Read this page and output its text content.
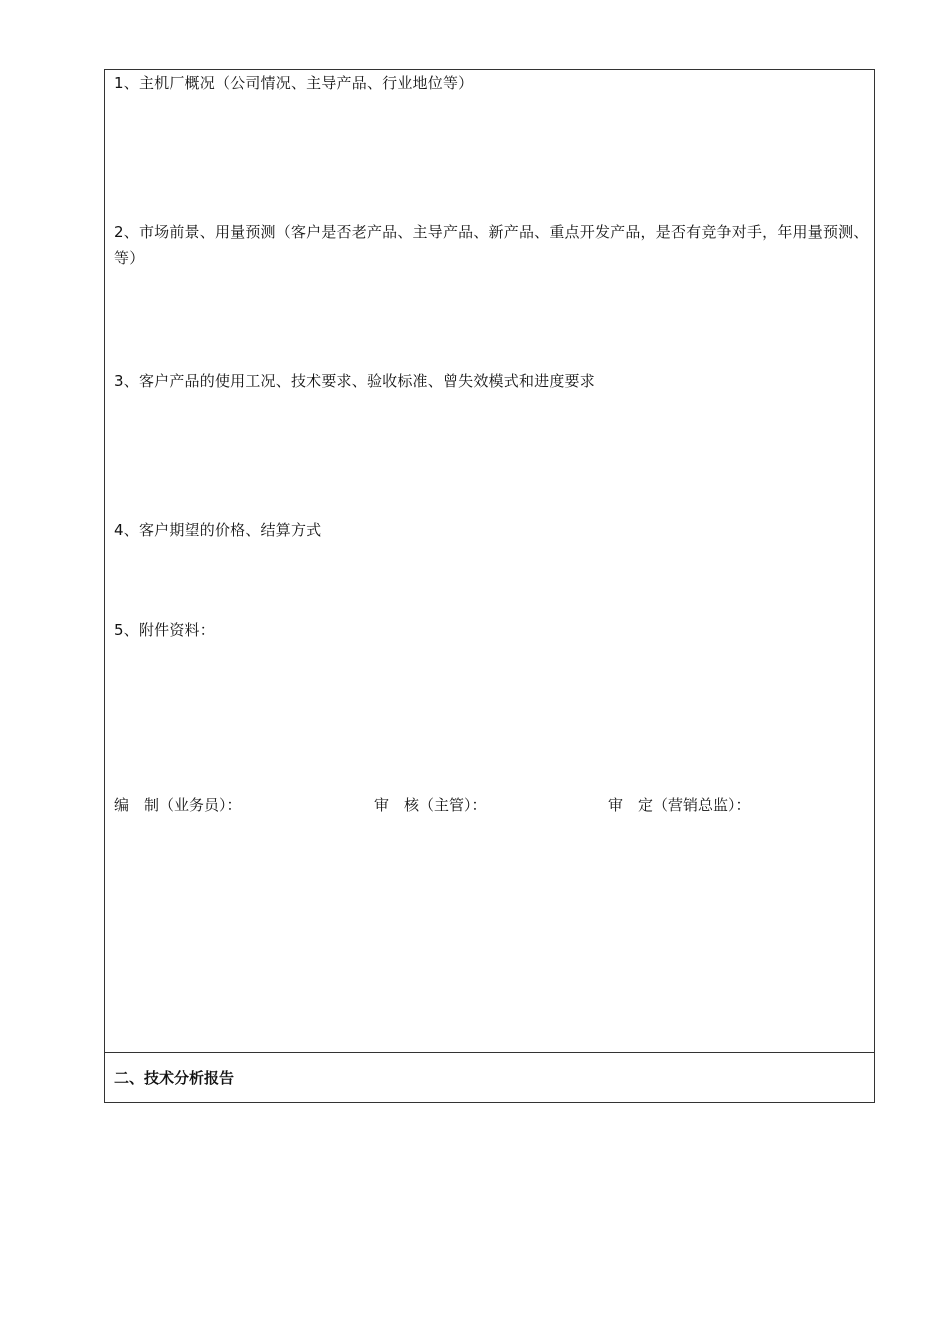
1、主机厂概况（公司情况、主导产品、行业地位等）

2、市场前景、用量预测（客户是否老产品、主导产品、新产品、重点开发产品，是否有竞争对手，年用量预测、等）

3、客户产品的使用工况、技术要求、验收标准、曾失效模式和进度要求

4、客户期望的价格、结算方式

5、附件资料：

编　制（业务员）：	审　核（主管）：	审　定（营销总监）：
二、技术分析报告
